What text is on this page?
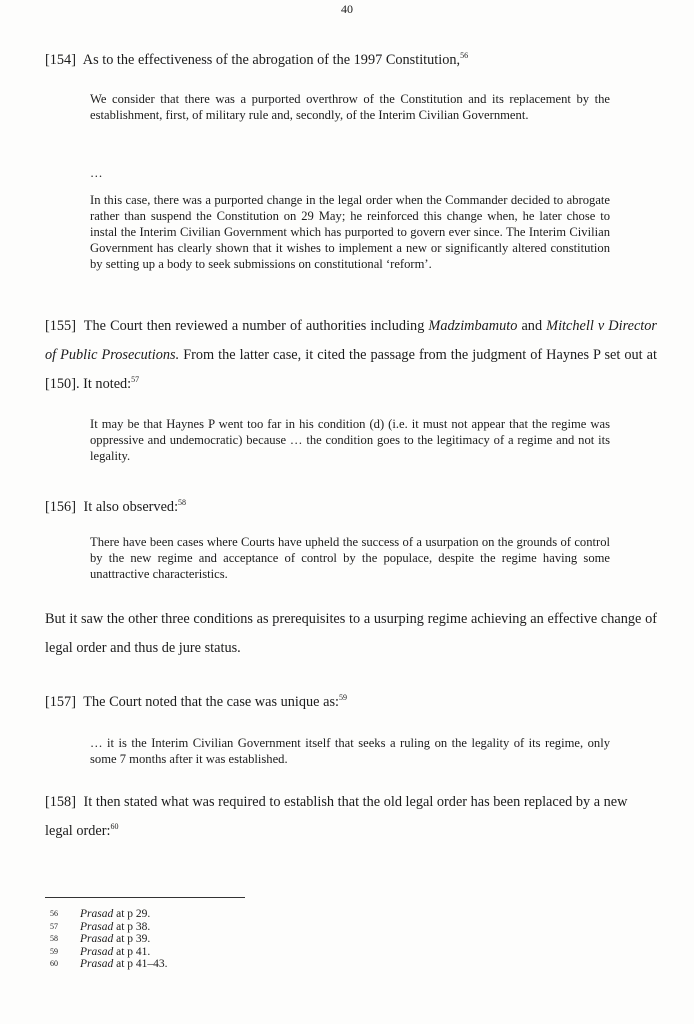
40

[154] As to the effectiveness of the abrogation of the 1997 Constitution,$^{56}$

We consider that there was a purported overthrow of the Constitution and its replacement by the establishment, first, of military rule and, secondly, of the Interim Civilian Government.

…

In this case, there was a purported change in the legal order when the Commander decided to abrogate rather than suspend the Constitution on 29 May; he reinforced this change when, he later chose to instal the Interim Civilian Government which has purported to govern ever since. The Interim Civilian Government has clearly shown that it wishes to implement a new or significantly altered constitution by setting up a body to seek submissions on constitutional ‘reform’.

[155] The Court then reviewed a number of authorities including Madzimbamuto and Mitchell v Director of Public Prosecutions. From the latter case, it cited the passage from the judgment of Haynes P set out at [150]. It noted:$^{57}$

It may be that Haynes P went too far in his condition (d) (i.e. it must not appear that the regime was oppressive and undemocratic) because … the condition goes to the legitimacy of a regime and not its legality.

[156] It also observed:$^{58}$

There have been cases where Courts have upheld the success of a usurpation on the grounds of control by the new regime and acceptance of control by the populace, despite the regime having some unattractive characteristics.

But it saw the other three conditions as prerequisites to a usurping regime achieving an effective change of legal order and thus de jure status.

[157] The Court noted that the case was unique as:$^{59}$

… it is the Interim Civilian Government itself that seeks a ruling on the legality of its regime, only some 7 months after it was established.

[158] It then stated what was required to establish that the old legal order has been replaced by a new legal order:$^{60}$

56	Prasad at p 29.
57	Prasad at p 38.
58	Prasad at p 39.
59	Prasad at p 41.
60	Prasad at p 41–43.
